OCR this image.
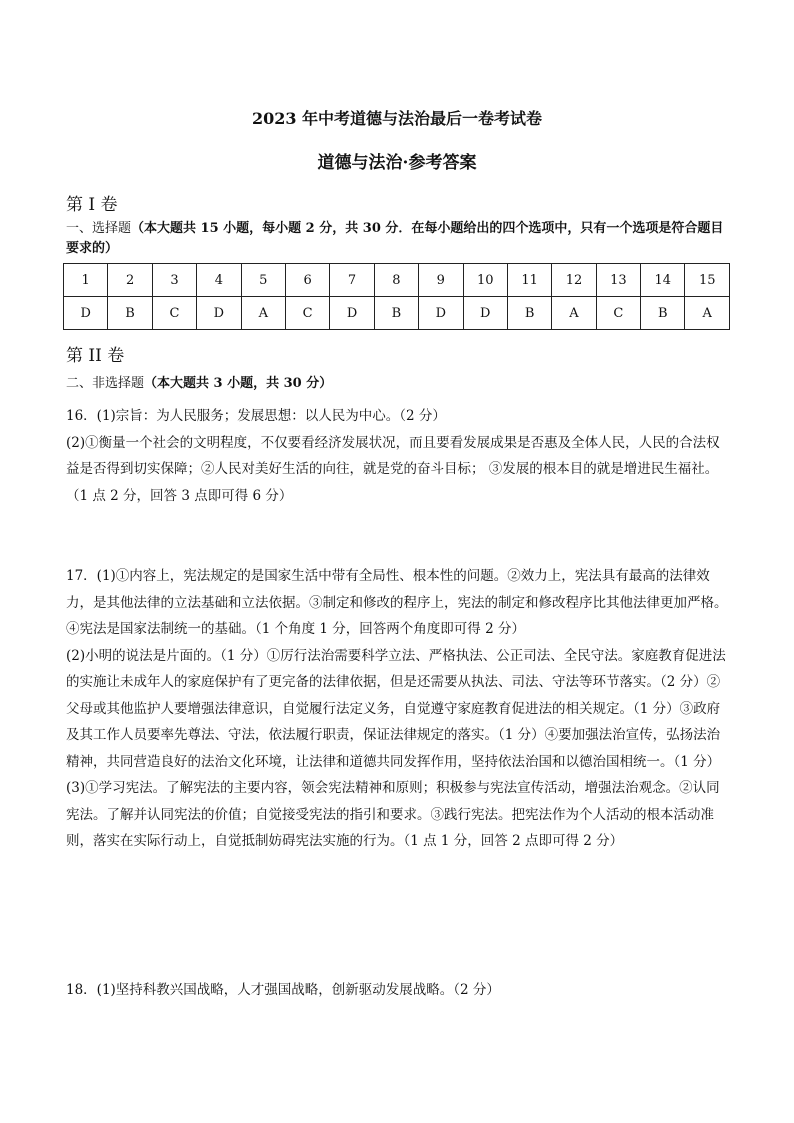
2023 年中考道德与法治最后一卷考试卷
道德与法治·参考答案
第 I 卷
一、选择题（本大题共 15 小题，每小题 2 分，共 30 分．在每小题给出的四个选项中，只有一个选项是符合题目要求的）
1	2	3	4	5	6	7	8	9	10	11	12	13	14	15
D	B	C	D	A	C	D	B	D	D	B	A	C	B	A
第 II 卷
二、非选择题（本大题共 3 小题，共 30 分）

16．(1)宗旨：为人民服务；发展思想：以人民为中心。（2 分）

(2)①衡量一个社会的文明程度，不仅要看经济发展状况，而且要看发展成果是否惠及全体人民，人民的合法权益是否得到切实保障；②人民对美好生活的向往，就是党的奋斗目标； ③发展的根本目的就是增进民生福社。（1 点 2 分，回答 3 点即可得 6 分）

17．(1)①内容上，宪法规定的是国家生活中带有全局性、根本性的问题。②效力上，宪法具有最高的法律效力，是其他法律的立法基础和立法依据。③制定和修改的程序上，宪法的制定和修改程序比其他法律更加严格。④宪法是国家法制统一的基础。（1 个角度 1 分，回答两个角度即可得 2 分）

(2)小明的说法是片面的。（1 分）①厉行法治需要科学立法、严格执法、公正司法、全民守法。家庭教育促进法的实施让未成年人的家庭保护有了更完备的法律依据，但是还需要从执法、司法、守法等环节落实。（2 分）②父母或其他监护人要增强法律意识，自觉履行法定义务，自觉遵守家庭教育促进法的相关规定。（1 分）③政府及其工作人员要率先尊法、守法，依法履行职责，保证法律规定的落实。（1 分）④要加强法治宣传，弘扬法治精神，共同营造良好的法治文化环境，让法律和道德共同发挥作用，坚持依法治国和以德治国相统一。（1 分）

(3)①学习宪法。了解宪法的主要内容，领会宪法精神和原则；积极参与宪法宣传活动，增强法治观念。②认同宪法。了解并认同宪法的价值；自觉接受宪法的指引和要求。③践行宪法。把宪法作为个人活动的根本活动准则，落实在实际行动上，自觉抵制妨碍宪法实施的行为。（1 点 1 分，回答 2 点即可得 2 分）

18．(1)坚持科教兴国战略，人才强国战略，创新驱动发展战略。（2 分）
